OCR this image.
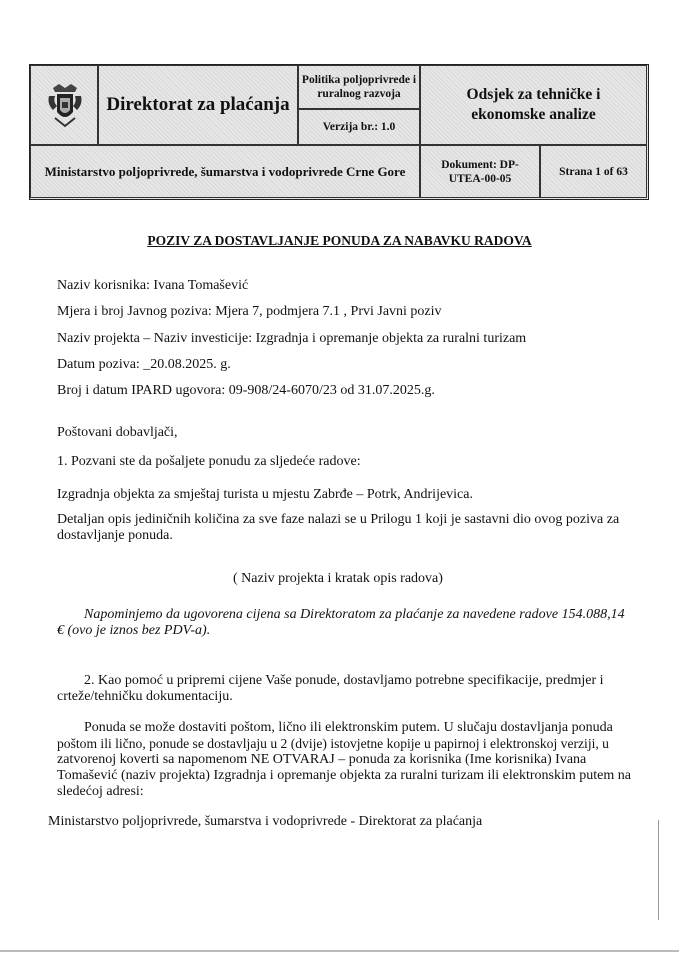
Direktorat za plaćanja
Politika poljoprivrede i ruralnog razvoja
Verzija br.: 1.0
Odsjek za tehničke i ekonomske analize
Ministarstvo poljoprivrede, šumarstva i vodoprivrede Crne Gore	Dokument: DP-UTEA-00-05
Strana 1 of 63
POZIV ZA DOSTAVLJANJE PONUDA ZA NABAVKU RADOVA
Naziv korisnika: Ivana Tomašević
Mjera i broj Javnog poziva: Mjera 7, podmjera 7.1 , Prvi Javni poziv
Naziv projekta – Naziv investicije: Izgradnja i opremanje objekta za ruralni turizam
Datum poziva: _20.08.2025. g.
Broj i datum IPARD ugovora: 09-908/24-6070/23 od 31.07.2025.g.
Poštovani dobavljači,
1. Pozvani ste da pošaljete ponudu za sljedeće radove:
Izgradnja objekta za smještaj turista u mjestu Zabrđe – Potrk, Andrijevica.
Detaljan opis jediničnih količina za sve faze nalazi se u Prilogu 1 koji je sastavni dio ovog poziva za
dostavljanje ponuda.
( Naziv projekta i kratak opis radova)
Napominjemo da ugovorena cijena sa Direktoratom za plaćanje za navedene radove 154.088,14
€ (ovo je iznos bez PDV-a).
2. Kao pomoć u pripremi cijene Vaše ponude, dostavljamo potrebne specifikacije, predmjer i
crteže/tehničku dokumentaciju.
Ponuda se može dostaviti poštom, lično ili elektronskim putem. U slučaju dostavljanja ponuda
poštom ili lično, ponude se dostavljaju u 2 (dvije) istovjetne kopije u papirnoj i elektronskoj verziji, u
zatvorenoj koverti sa napomenom NE OTVARAJ – ponuda za korisnika (Ime korisnika) Ivana
Tomašević (naziv projekta) Izgradnja i opremanje objekta za ruralni turizam ili elektronskim putem na
sledećoj adresi:
Ministarstvo poljoprivrede, šumarstva i vodoprivrede - Direktorat za plaćanja
